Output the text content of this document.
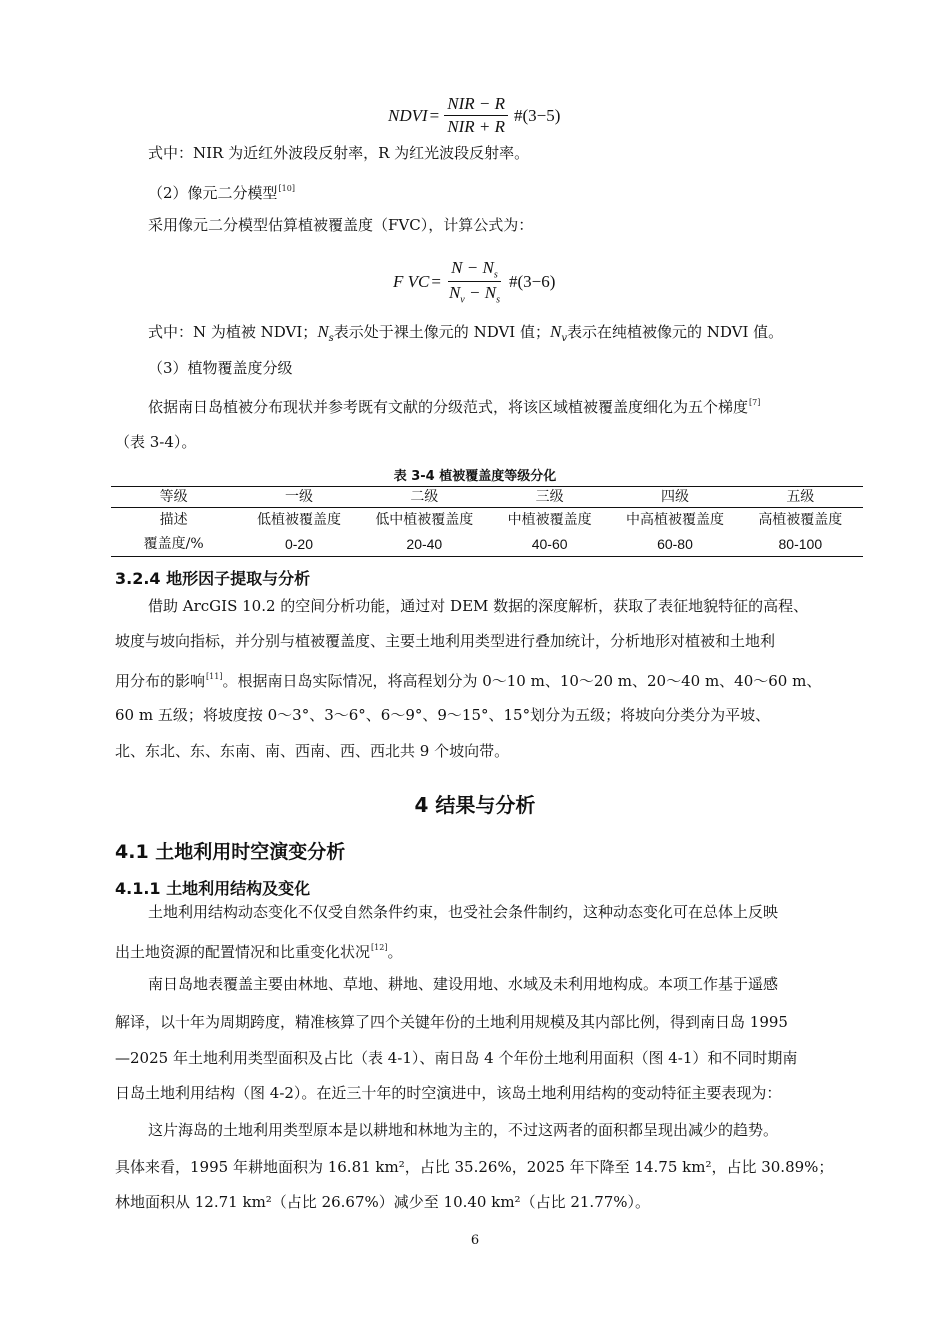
NDVI = $\frac{\text{NIR − R}}{\text{NIR + R}}$ #(3−5)
式中：NIR 为近红外波段反射率，R 为红光波段反射率。
（2）像元二分模型[10]
采用像元二分模型估算植被覆盖度（FVC），计算公式为：
F VC = $\frac{N - N_s}{N_v - N_s}$ #(3−6)
式中：N 为植被 NDVI；$N_s$表示处于裸土像元的 NDVI 值；$N_v$表示在纯植被像元的 NDVI 值。
（3）植物覆盖度分级
依据南日岛植被分布现状并参考既有文献的分级范式，将该区域植被覆盖度细化为五个梯度[7]
（表 3-4）。
表 3-4 植被覆盖度等级分化
等级	一级	二级	三级	四级	五级
描述	低植被覆盖度	低中植被覆盖度	中植被覆盖度	中高植被覆盖度	高植被覆盖度
覆盖度/%	0-20	20-40	40-60	60-80	80-100
3.2.4 地形因子提取与分析
借助 ArcGIS 10.2 的空间分析功能，通过对 DEM 数据的深度解析，获取了表征地貌特征的高程、
坡度与坡向指标，并分别与植被覆盖度、主要土地利用类型进行叠加统计，分析地形对植被和土地利
用分布的影响[11]。根据南日岛实际情况，将高程划分为 0～10 m、10～20 m、20～40 m、40～60 m、
60 m 五级；将坡度按 0～3°、3～6°、6～9°、9～15°、15°划分为五级；将坡向分类分为平坡、
北、东北、东、东南、南、西南、西、西北共 9 个坡向带。
4 结果与分析
4.1 土地利用时空演变分析
4.1.1 土地利用结构及变化
土地利用结构动态变化不仅受自然条件约束，也受社会条件制约，这种动态变化可在总体上反映
出土地资源的配置情况和比重变化状况[12]。
南日岛地表覆盖主要由林地、草地、耕地、建设用地、水域及未利用地构成。本项工作基于遥感
解译，以十年为周期跨度，精准核算了四个关键年份的土地利用规模及其内部比例，得到南日岛 1995
—2025 年土地利用类型面积及占比（表 4-1）、南日岛 4 个年份土地利用面积（图 4-1）和不同时期南
日岛土地利用结构（图 4-2）。在近三十年的时空演进中，该岛土地利用结构的变动特征主要表现为：
这片海岛的土地利用类型原本是以耕地和林地为主的，不过这两者的面积都呈现出减少的趋势。
具体来看，1995 年耕地面积为 16.81 km²，占比 35.26%，2025 年下降至 14.75 km²，占比 30.89%；
林地面积从 12.71 km²（占比 26.67%）减少至 10.40 km²（占比 21.77%）。
6
